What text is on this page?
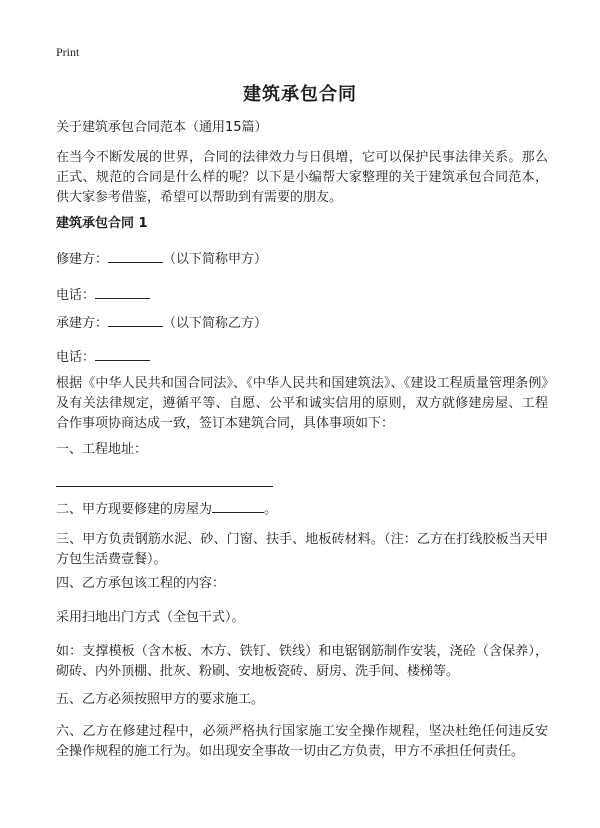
Print
建筑承包合同
关于建筑承包合同范本（通用15篇）
在当今不断发展的世界，合同的法律效力与日俱增，它可以保护民事法律关系。那么正式、规范的合同是什么样的呢？以下是小编帮大家整理的关于建筑承包合同范本，供大家参考借鉴，希望可以帮助到有需要的朋友。
建筑承包合同 1
修建方：	（以下简称甲方）
电话：
承建方：	（以下简称乙方）
电话：
根据《中华人民共和国合同法》、《中华人民共和国建筑法》、《建设工程质量管理条例》及有关法律规定，遵循平等、自愿、公平和诚实信用的原则，双方就修建房屋、工程合作事项协商达成一致，签订本建筑合同，具体事项如下：
一、工程地址：
二、甲方现要修建的房屋为	。
三、甲方负责钢筋水泥、砂、门窗、扶手、地板砖材料。（注：乙方在打线胶板当天甲方包生活费壹餐）。
四、乙方承包该工程的内容：
采用扫地出门方式（全包干式）。
如：支撑模板（含木板、木方、铁钉、铁线）和电锯钢筋制作安装，浇砼（含保养），砌砖、内外顶棚、批灰、粉刷、安地板瓷砖、厨房、洗手间、楼梯等。
五、乙方必须按照甲方的要求施工。
六、乙方在修建过程中，必须严格执行国家施工安全操作规程，坚决杜绝任何违反安全操作规程的施工行为。如出现安全事故一切由乙方负责，甲方不承担任何责任。
